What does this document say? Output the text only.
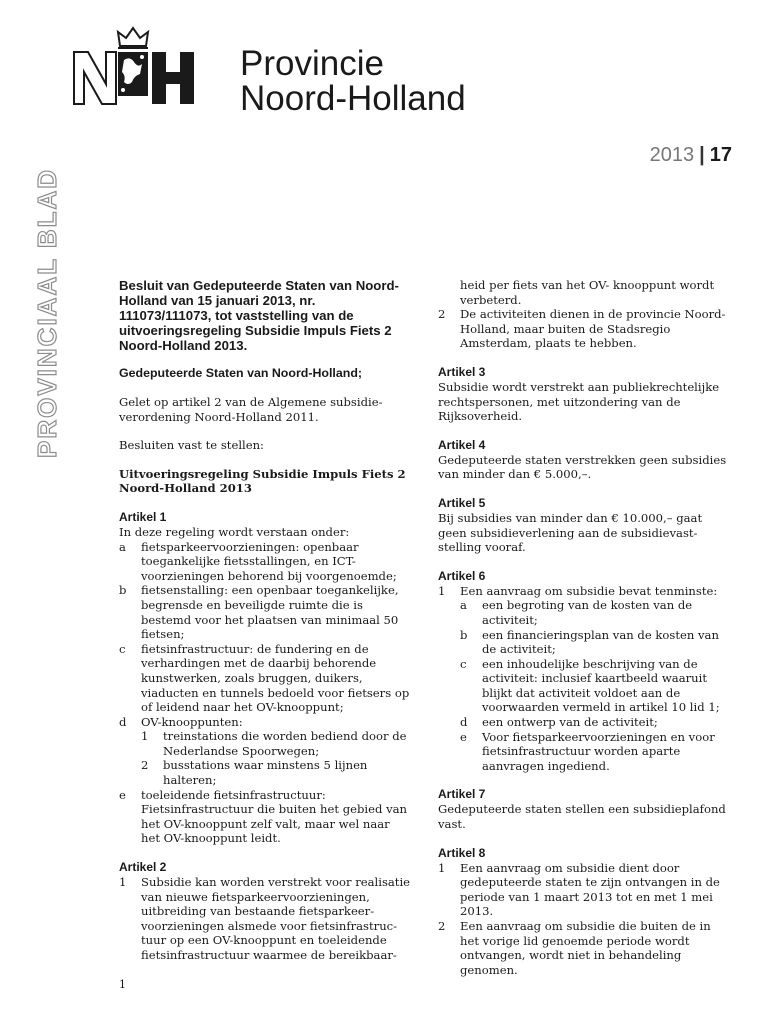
Provincie
Noord-Holland
PROVINCIAAL BLAD
2013 | 17
Besluit van Gedeputeerde Staten van Noord-Holland van 15 januari 2013, nr. 111073/111073, tot vaststelling van de uitvoeringsregeling Subsidie Impuls Fiets 2 Noord-Holland 2013.
Gedeputeerde Staten van Noord-Holland;
Gelet op artikel 2 van de Algemene subsidie-verordening Noord-Holland 2011.
Besluiten vast te stellen:
Uitvoeringsregeling Subsidie Impuls Fiets 2 Noord-Holland 2013
Artikel 1
In deze regeling wordt verstaan onder:
a	fietsparkeervoorzieningen: openbaar toegankelijke fietsstallingen, en ICT-voorzieningen behorend bij voorgenoemde;
b	fietsenstalling: een openbaar toegankelijke, begrensde en beveiligde ruimte die is bestemd voor het plaatsen van minimaal 50 fietsen;
c	fietsinfrastructuur: de fundering en de verhardingen met de daarbij behorende kunstwerken, zoals bruggen, duikers, viaducten en tunnels bedoeld voor fietsers op of leidend naar het OV-knooppunt;
d	OV-knooppunten:
1	treinstations die worden bediend door de Nederlandse Spoorwegen;
2	busstations waar minstens 5 lijnen halteren;
e	toeleidende fietsinfrastructuur: Fietsinfrastructuur die buiten het gebied van het OV-knooppunt zelf valt, maar wel naar het OV-knooppunt leidt.
Artikel 2
1	Subsidie kan worden verstrekt voor realisatie van nieuwe fietsparkeervoorzieningen, uitbreiding van bestaande fietsparkeer-voorzieningen alsmede voor fietsinfrastruc-tuur op een OV-knooppunt en toeleidende fietsinfrastructuur waarmee de bereikbaar-
heid per fiets van het OV- knooppunt wordt verbeterd.
2	De activiteiten dienen in de provincie Noord-Holland, maar buiten de Stadsregio Amsterdam, plaats te hebben.
Artikel 3
Subsidie wordt verstrekt aan publiekrechtelijke rechtspersonen, met uitzondering van de Rijksoverheid.
Artikel 4
Gedeputeerde staten verstrekken geen subsidies van minder dan € 5.000,–.
Artikel 5
Bij subsidies van minder dan € 10.000,– gaat geen subsidieverlening aan de subsidievast-stelling vooraf.
Artikel 6
1	Een aanvraag om subsidie bevat tenminste:
a	een begroting van de kosten van de activiteit;
b	een financieringsplan van de kosten van de activiteit;
c	een inhoudelijke beschrijving van de activiteit: inclusief kaartbeeld waaruit blijkt dat activiteit voldoet aan de voorwaarden vermeld in artikel 10 lid 1;
d	een ontwerp van de activiteit;
e	Voor fietsparkeervoorzieningen en voor fietsinfrastructuur worden aparte aanvragen ingediend.
Artikel 7
Gedeputeerde staten stellen een subsidieplafond vast.
Artikel 8
1	Een aanvraag om subsidie dient door gedeputeerde staten te zijn ontvangen in de periode van 1 maart 2013 tot en met 1 mei 2013.
2	Een aanvraag om subsidie die buiten de in het vorige lid genoemde periode wordt ontvangen, wordt niet in behandeling genomen.
1
